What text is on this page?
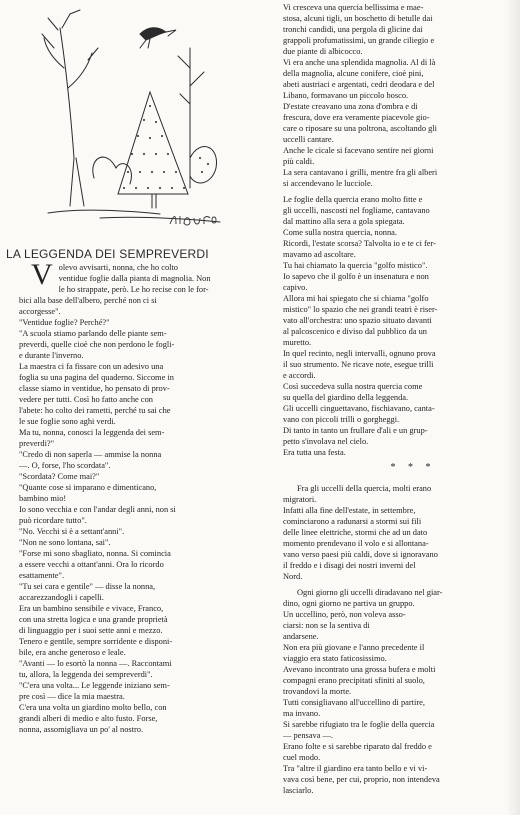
LA LEGGENDA DEI SEMPREVERDI
V olevo avvisarti, nonna, che ho colto

ventidue foglie dalla pianta di magnolia. Non

le ho strappate, però. Le ho recise con le for-

bici alla base dell'albero, perché non ci si

accorgesse".

"Ventidue foglie? Perché?"

"A scuola stiamo parlando delle piante sem-

preverdi, quelle cioè che non perdono le fogli-

e durante l'inverno.

La maestra ci fa fissare con un adesivo una

foglia su una pagina del quaderno. Siccome in

classe siamo in ventidue, ho pensato di prov-

vedere per tutti. Così ho fatto anche con

l'abete: ho colto dei rametti, perché tu sai che

le sue foglie sono aghi verdi.

Ma tu, nonna, conosci la leggenda dei sem-

preverdi?"

"Credo di non saperla — ammise la nonna

—. O, forse, l'ho scordata".

"Scordata? Come mai?"

"Quante cose si imparano e dimenticano,

bambino mio!

Io sono vecchia e con l'andar degli anni, non si

può ricordare tutto".

"No. Vecchi si è a settant'anni".

"Non ne sono lontana, sai".

"Forse mi sono sbagliato, nonna. Si comincia

a essere vecchi a ottant'anni. Ora lo ricordo

esattamente".

"Tu sei cara e gentile" — disse la nonna,

accarezzandogli i capelli.

Era un bambino sensibile e vivace, Franco,

con una stretta logica e una grande proprietà

di linguaggio per i suoi sette anni e mezzo.

Tenero e gentile, sempre sorridente e disponi-

bile, era anche generoso e leale.

"Avanti — lo esortò la nonna —. Raccontami

tu, allora, la leggenda dei sempreverdi".

"C'era una volta... Le leggende iniziano sem-

pre così — dice la mia maestra.

C'era una volta un giardino molto bello, con

grandi alberi di medio e alto fusto. Forse,

nonna, assomigliava un po' al nostro.

Vi cresceva una quercia bellissima e mae-

stosa, alcuni tigli, un boschetto di betulle dai

tronchi candidi, una pergola di glicine dai

grappoli profumatissimi, un grande ciliegio e

due piante di albicocco.

Vi era anche una splendida magnolia. Al di là

della magnolia, alcune conifere, cioè pini,

abeti austriaci e argentati, cedri deodara e del

Libano, formavano un piccolo bosco.

D'estate creavano una zona d'ombra e di

frescura, dove era veramente piacevole gio-

care o riposare su una poltrona, ascoltando gli

uccelli cantare.

Anche le cicale si facevano sentire nei giorni

più caldi.

La sera cantavano i grilli, mentre fra gli alberi

si accendevano le lucciole.

Le foglie della quercia erano molto fitte e

gli uccelli, nascosti nel fogliame, cantavano

dal mattino alla sera a gola spiegata.

Come sulla nostra quercia, nonna.

Ricordi, l'estate scorsa? Talvolta io e te ci fer-

mavamo ad ascoltare.

Tu hai chiamato la quercia "golfo mistico".

Io sapevo che il golfo è un insenatura e non

capivo.

Allora mi hai spiegato che si chiama "golfo

mistico" lo spazio che nei grandi teatri è riser-

vato all'orchestra: uno spazio situato davanti

al palcoscenico e diviso dal pubblico da un

muretto.

In quel recinto, negli intervalli, ognuno prova

il suo strumento. Ne ricave note, esegue trilli

e accordi.

Così succedeva sulla nostra quercia come

su quella del giardino della leggenda.

Gli uccelli cinguettavano, fischiavano, canta-

vano con piccoli trilli o gorgheggi.

Di tanto in tanto un frullare d'ali e un grup-

petto s'involava nel cielo.

Era tutta una festa.

* * *

Fra gli uccelli della quercia, molti erano

migratori.

Infatti alla fine dell'estate, in settembre,

cominciarono a radunarsi a stormi sui fili

delle linee elettriche, stormi che ad un dato

momento prendevano il volo e si allontana-

vano verso paesi più caldi, dove si ignoravano

il freddo e i disagi dei nostri inverni del

Nord.

Ogni giorno gli uccelli diradavano nel giar-

dino, ogni giorno ne partiva un gruppo.

Un uccellino, però, non voleva asso-

ciarsi: non se la sentiva di

andarsene.

Non era più giovane e l'anno precedente il

viaggio era stato faticosissimo.

Avevano incontrato una grossa bufera e molti

compagni erano precipitati sfiniti al suolo,

trovandovi la morte.

Tutti consigliavano all'uccellino di partire,

ma invano.

Si sarebbe rifugiato tra le foglie della quercia

— pensava —.

Erano folte e si sarebbe riparato dal freddo e

cuel modo.

Tra "altre il giardino era tanto bello e vi vi-

vava così bene, per cui, proprio, non intendeva

lasciarlo.
